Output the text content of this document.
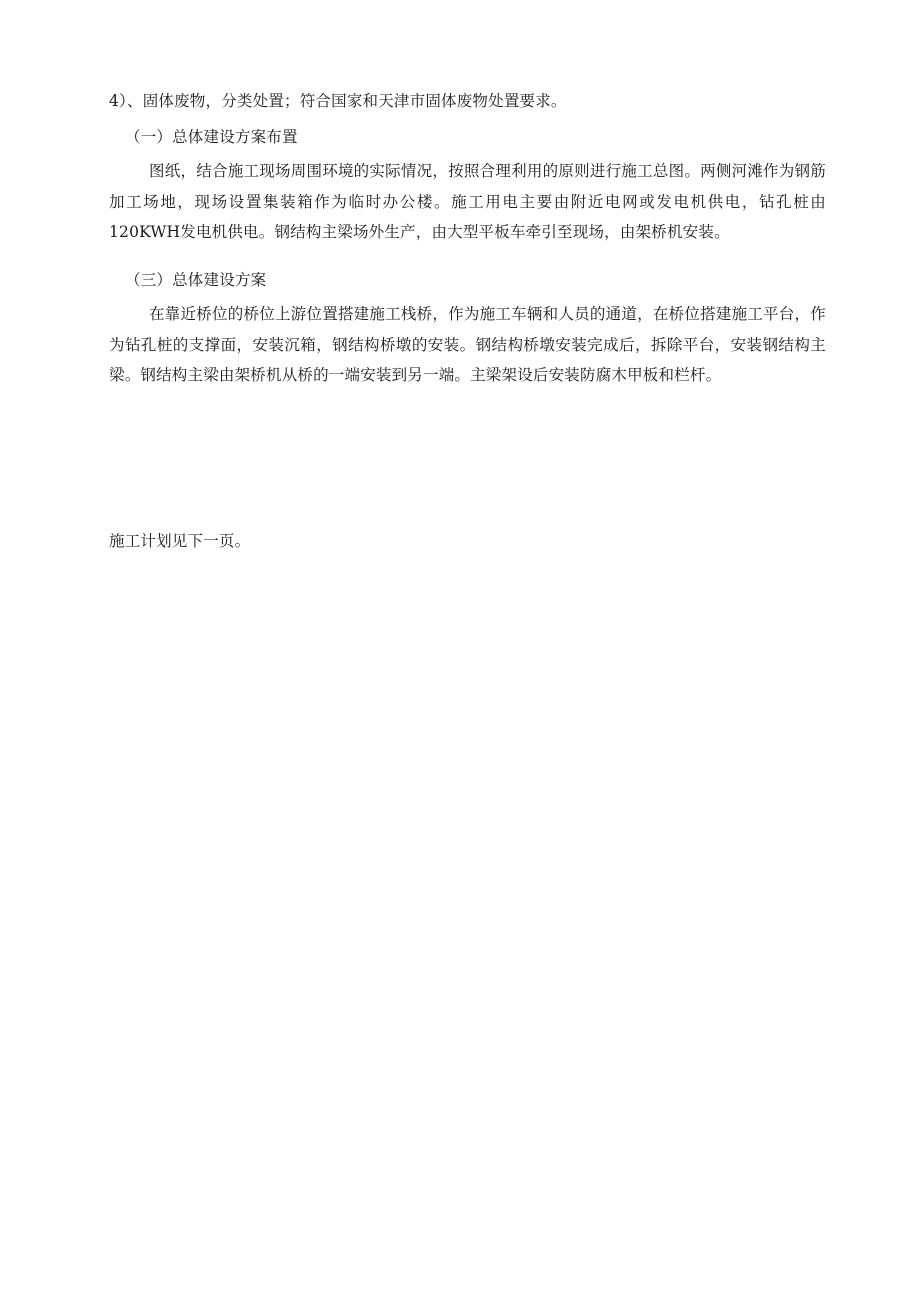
4）、固体废物，分类处置；符合国家和天津市固体废物处置要求。
（一）总体建设方案布置
图纸，结合施工现场周围环境的实际情况，按照合理利用的原则进行施工总图。两侧河滩作为钢筋加工场地，现场设置集装箱作为临时办公楼。施工用电主要由附近电网或发电机供电，钻孔桩由120KWH发电机供电。钢结构主梁场外生产，由大型平板车牵引至现场，由架桥机安装。
（三）总体建设方案
在靠近桥位的桥位上游位置搭建施工栈桥，作为施工车辆和人员的通道，在桥位搭建施工平台，作为钻孔桩的支撑面，安装沉箱，钢结构桥墩的安装。钢结构桥墩安装完成后，拆除平台，安装钢结构主梁。钢结构主梁由架桥机从桥的一端安装到另一端。主梁架设后安装防腐木甲板和栏杆。
施工计划见下一页。
